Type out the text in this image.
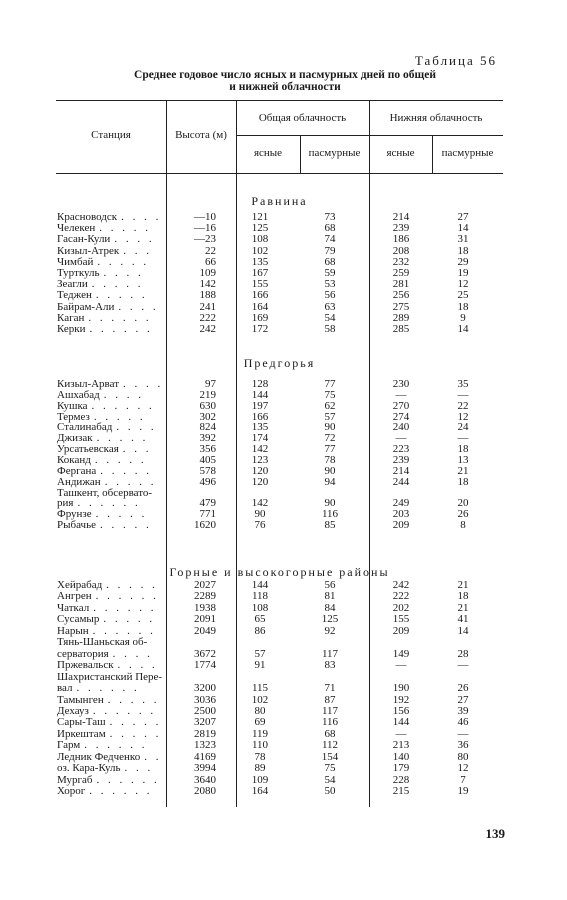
Таблица 56
Среднее годовое число ясных и пасмурных дней по общей
и нижней облачности
Станция	Высота (м)
Общая облачность	Нижняя облачность
ясные	пасмурные	ясные	пасмурные
Равнина
Красноводск . . . .	—10	121	73	214	27
Челекен . . . . .	—16	125	68	239	14
Гасан-Кули . . . .	—23	108	74	186	31
Кизыл-Атрек . . .	22	102	79	208	18
Чимбай . . . . .	66	135	68	232	29
Турткуль . . . .	109	167	59	259	19
Зеагли . . . . .	142	155	53	281	12
Теджен . . . . .	188	166	56	256	25
Байрам-Али . . . .	241	164	63	275	18
Каган . . . . . .	222	169	54	289	9
Керки . . . . . .	242	172	58	285	14
Предгорья
Кизыл-Арват . . . .	97	128	77	230	35
Ашхабад . . . .	219	144	75	—	—
Кушка . . . . . .	630	197	62	270	22
Термез . . . . .	302	166	57	274	12
Сталинабад . . . .	824	135	90	240	24
Джизак . . . . .	392	174	72	—	—
Урсатьевская . . .	356	142	77	223	18
Коканд . . . . .	405	123	78	239	13
Фергана . . . . .	578	120	90	214	21
Андижан . . . . .	496	120	94	244	18
Ташкент, обсервато-
рия . . . . . .	479	142	90	249	20
Фрунзе . . . . .	771	90	116	203	26
Рыбачье . . . . .	1620	76	85	209	8
Горные и высокогорные районы
Хейрабад . . . . .	2027	144	56	242	21
Ангрен . . . . . .	2289	118	81	222	18
Чаткал . . . . . .	1938	108	84	202	21
Сусамыр . . . . .	2091	65	125	155	41
Нарын . . . . . .	2049	86	92	209	14
Тянь-Шаньская об-
серватория . . . .	3672	57	117	149	28
Пржевальск . . . .	1774	91	83	—	—
Шахристанский Пере-
вал . . . . . .	3200	115	71	190	26
Тамынген . . . . .	3036	102	87	192	27
Дехауз . . . . . .	2500	80	117	156	39
Сары-Таш . . . . .	3207	69	116	144	46
Иркештам . . . . .	2819	119	68	—	—
Гарм . . . . . .	1323	110	112	213	36
Ледник Федченко . .	4169	78	154	140	80
оз. Кара-Куль . . .	3994	89	75	179	12
Мургаб . . . . . .	3640	109	54	228	7
Хорог . . . . . .	2080	164	50	215	19
139
